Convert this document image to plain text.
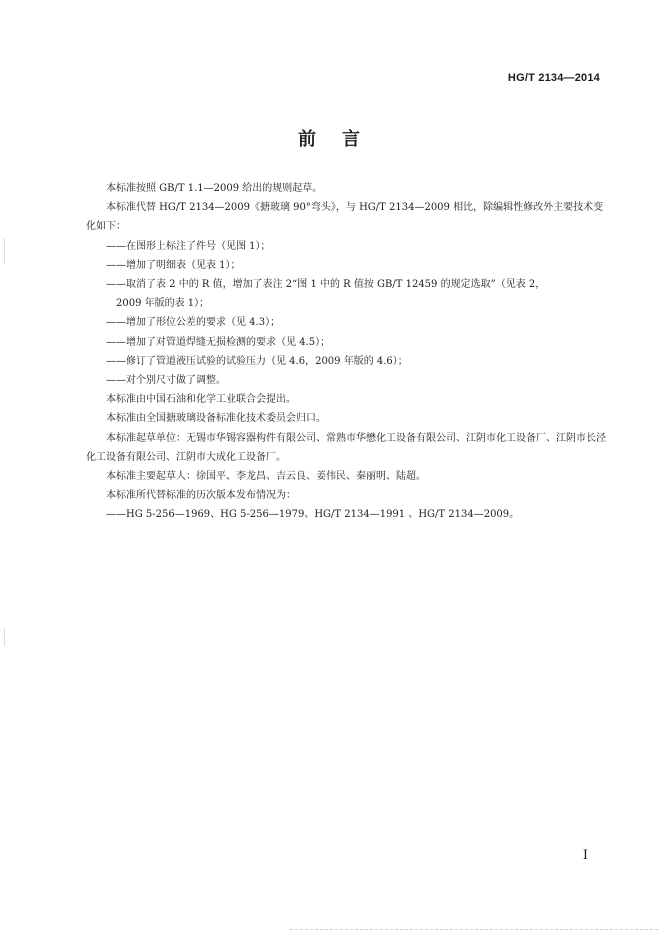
HG/T 2134—2014
前言

本标准按照 GB/T 1.1—2009 给出的规则起草。

本标准代替 HG/T 2134—2009《搪玻璃 90°弯头》，与 HG/T 2134—2009 相比，除编辑性修改外主要技术变化如下：

——在图形上标注了件号（见图 1）；

——增加了明细表（见表 1）；

——取消了表 2 中的 R 值，增加了表注 2“图 1 中的 R 值按 GB/T 12459 的规定选取”（见表 2，

2009 年版的表 1）；

——增加了形位公差的要求（见 4.3）；

——增加了对管道焊缝无损检测的要求（见 4.5）；

——修订了管道液压试验的试验压力（见 4.6，2009 年版的 4.6）；

——对个别尺寸做了调整。

本标准由中国石油和化学工业联合会提出。

本标准由全国搪玻璃设备标准化技术委员会归口。

本标准起草单位：无锡市华锡容器构件有限公司、常熟市华懋化工设备有限公司、江阴市化工设备厂、江阴市长泾化工设备有限公司、江阴市大成化工设备厂。

本标准主要起草人：徐国平、李龙昌、吉云良、姜伟民、秦丽明、陆超。

本标准所代替标准的历次版本发布情况为：

——HG 5-256—1969、HG 5-256—1979、HG/T 2134—1991 、HG/T 2134—2009。

I
